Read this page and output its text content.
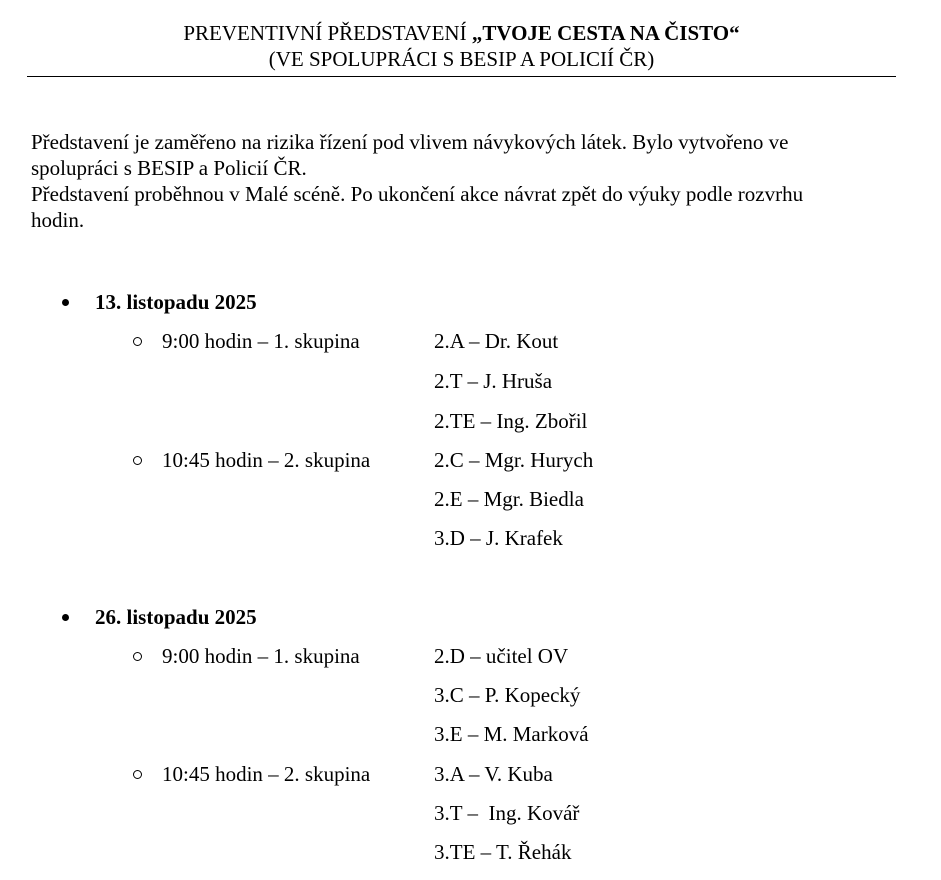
PREVENTIVNÍ PŘEDSTAVENÍ „TVOJE CESTA NA ČISTO“
(VE SPOLUPRÁCI S BESIP A POLICIÍ ČR)

Představení je zaměřeno na rizika řízení pod vlivem návykových látek. Bylo vytvořeno ve

spolupráci s BESIP a Policií ČR.

Představení proběhnou v Malé scéně. Po ukončení akce návrat zpět do výuky podle rozvrhu

hodin.

13. listopadu 2025
9:00 hodin – 1. skupina	2.A – Dr. Kout
2.T – J. Hruša
2.TE – Ing. Zbořil
10:45 hodin – 2. skupina	2.C – Mgr. Hurych
2.E – Mgr. Biedla
3.D – J. Krafek
26. listopadu 2025
9:00 hodin – 1. skupina	2.D – učitel OV
3.C – P. Kopecký
3.E – M. Marková
10:45 hodin – 2. skupina	3.A – V. Kuba
3.T –  Ing. Kovář
3.TE – T. Řehák
